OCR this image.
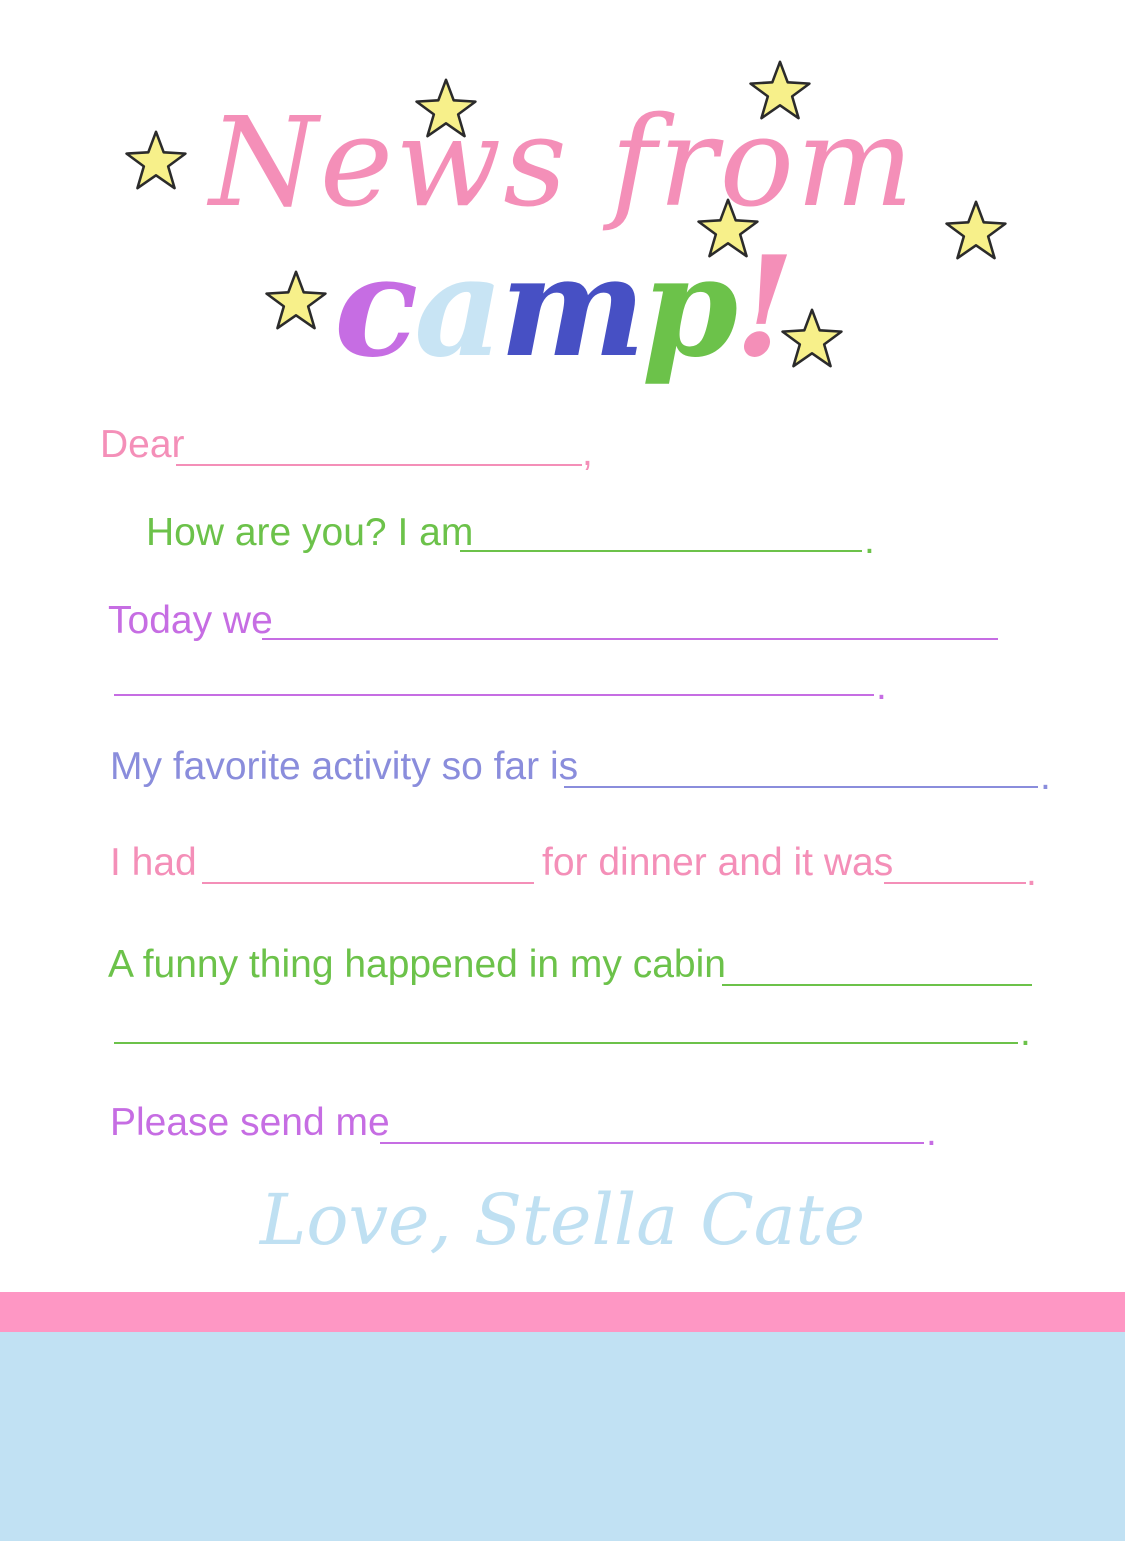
News from
camp!
Dear	,
How are you? I am	.
Today we
.
My favorite activity so far is	.
I had	for dinner and it was	.
A funny thing happened in my cabin
.
Please send me	.
Love, Stella Cate
